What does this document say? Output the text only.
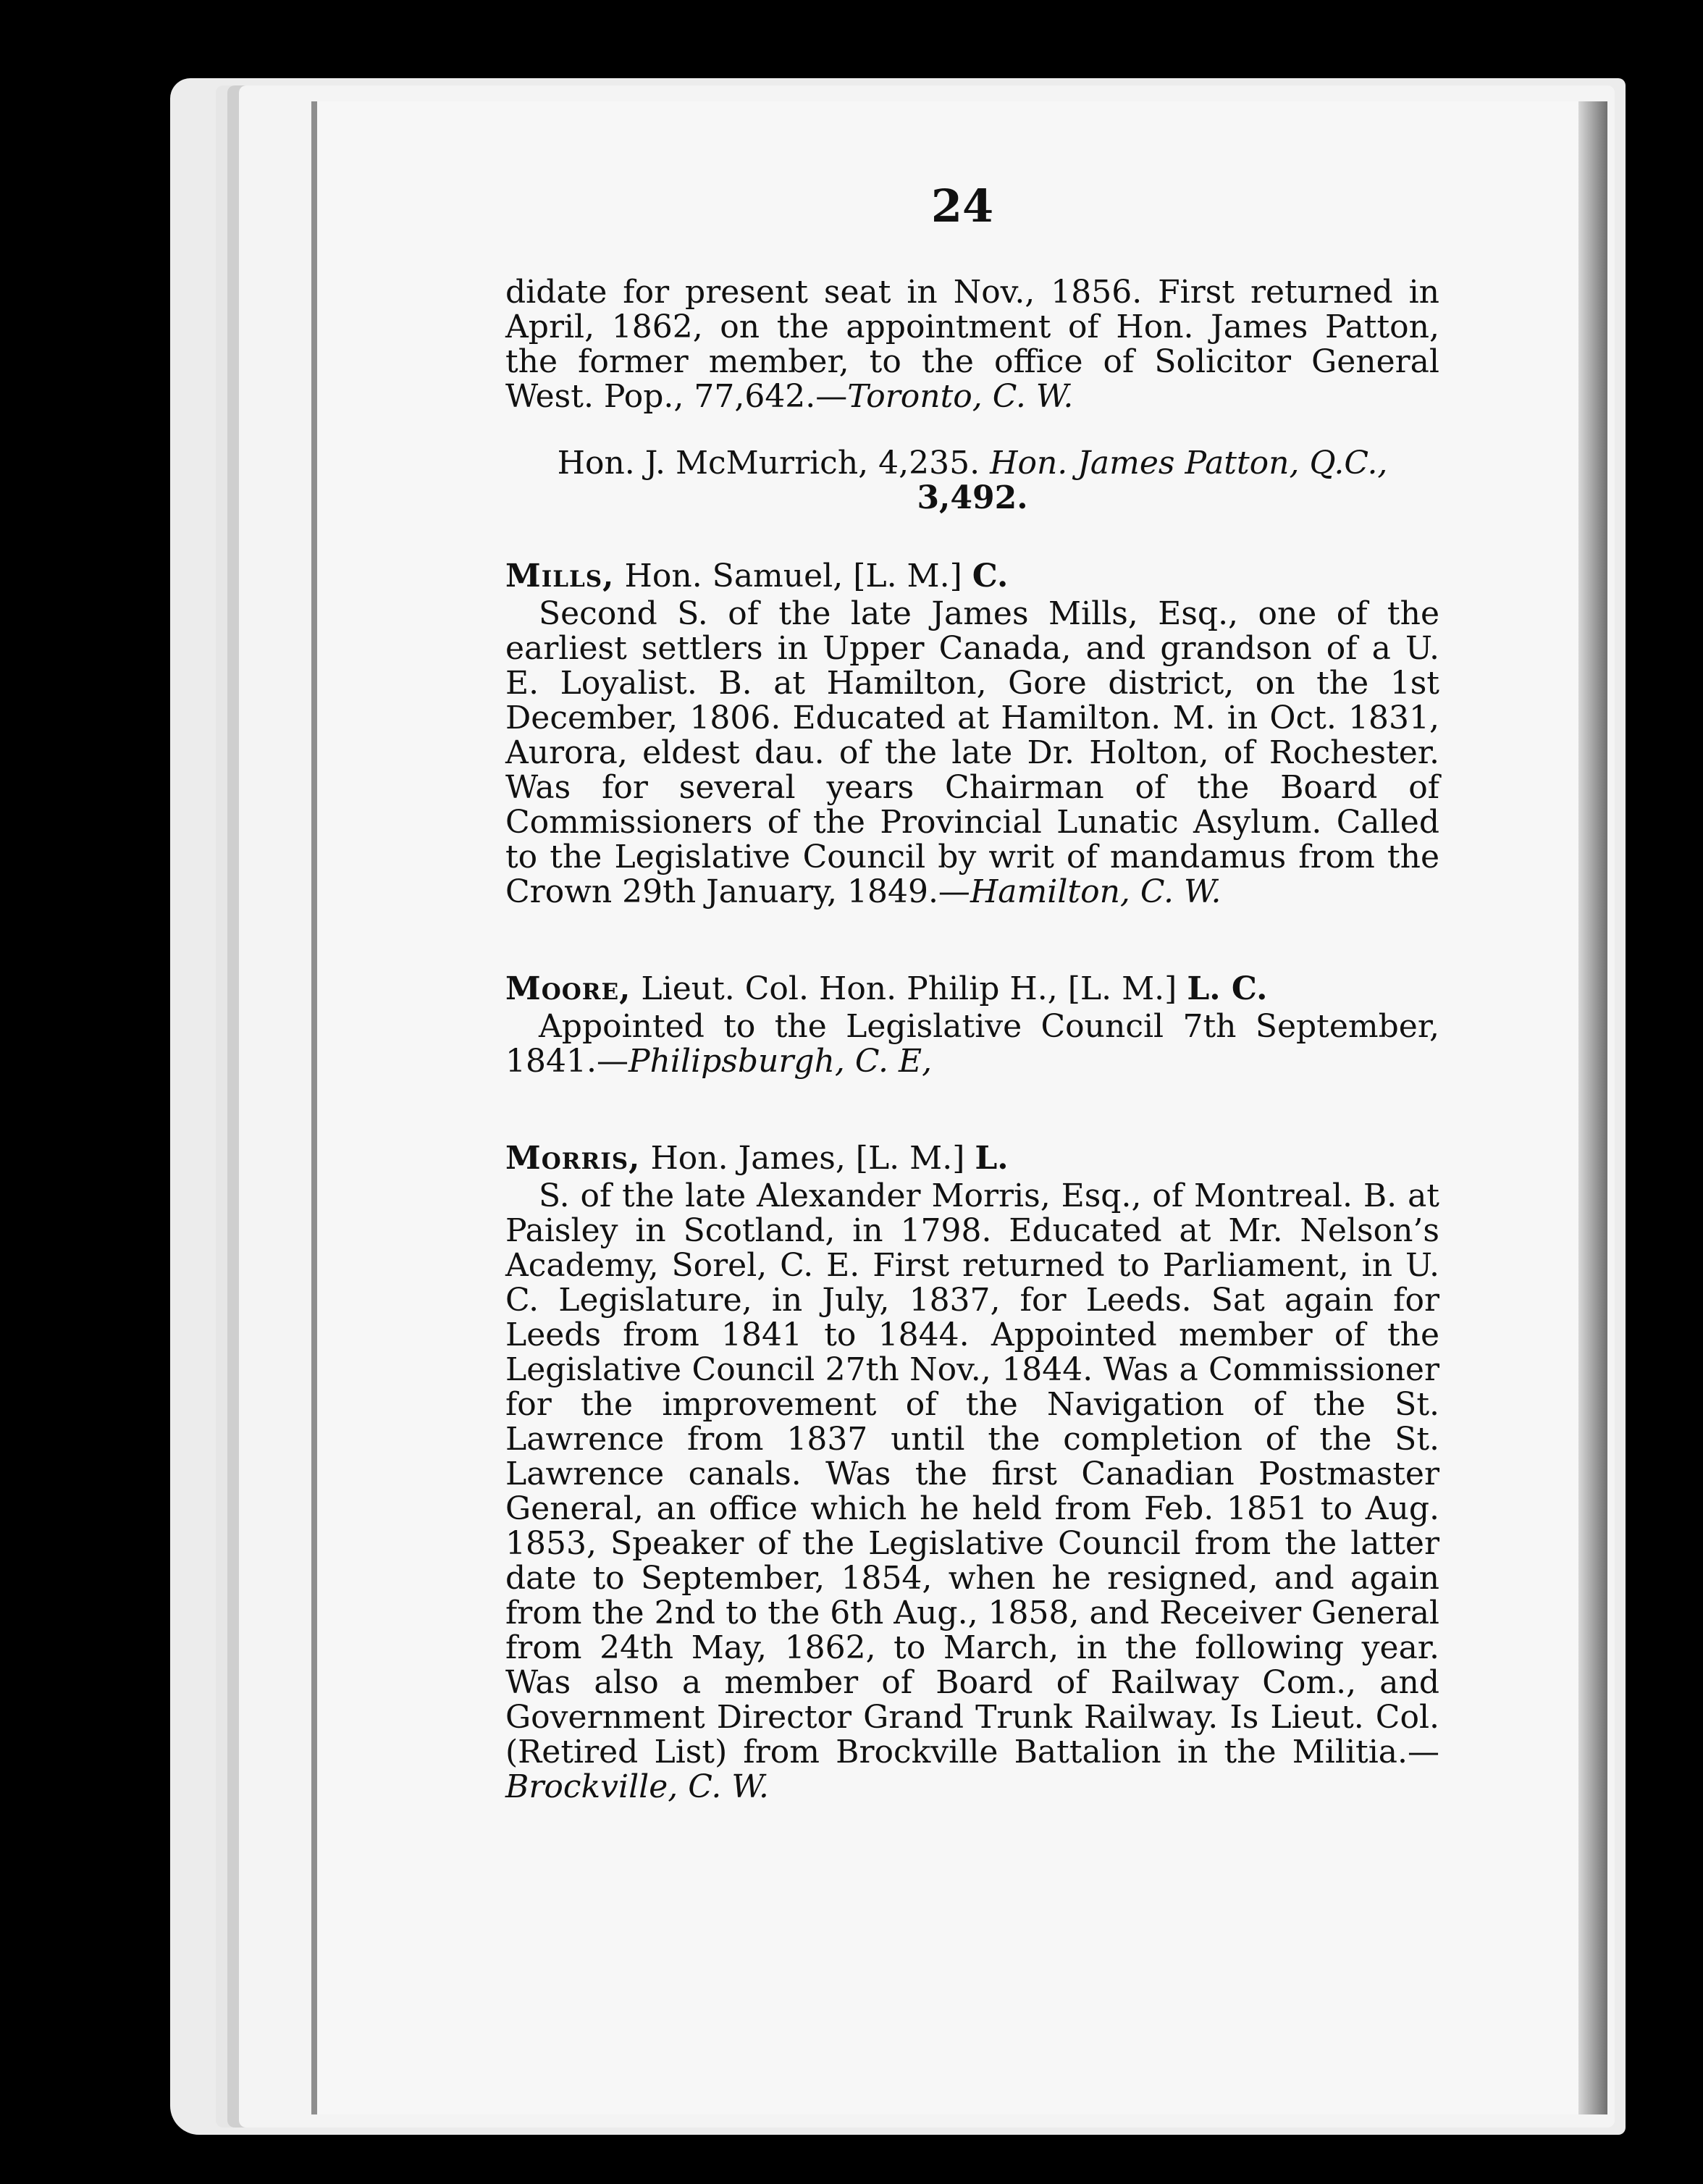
24

didate for present seat in Nov., 1856. First returned in April, 1862, on the appointment of Hon. James Patton, the former member, to the office of Solicitor General West. Pop., 77,642.—Toronto, C. W.

Hon. J. McMurrich, 4,235. Hon. James Patton, Q.C.,
3,492.

Mills, Hon. Samuel, [L. M.] C.

Second S. of the late James Mills, Esq., one of the earliest settlers in Upper Canada, and grandson of a U. E. Loyalist. B. at Hamilton, Gore district, on the 1st December, 1806. Educated at Hamilton. M. in Oct. 1831, Aurora, eldest dau. of the late Dr. Holton, of Rochester. Was for several years Chairman of the Board of Commissioners of the Provincial Lunatic Asylum. Called to the Legislative Council by writ of mandamus from the Crown 29th January, 1849.—Hamilton, C. W.

Moore, Lieut. Col. Hon. Philip H., [L. M.] L. C.

Appointed to the Legislative Council 7th September, 1841.—Philipsburgh, C. E,

Morris, Hon. James, [L. M.] L.

S. of the late Alexander Morris, Esq., of Montreal. B. at Paisley in Scotland, in 1798. Educated at Mr. Nelson’s Academy, Sorel, C. E. First returned to Parliament, in U. C. Legislature, in July, 1837, for Leeds. Sat again for Leeds from 1841 to 1844. Appointed member of the Legislative Council 27th Nov., 1844. Was a Commissioner for the improvement of the Navigation of the St. Lawrence from 1837 until the completion of the St. Lawrence canals. Was the first Canadian Postmaster General, an office which he held from Feb. 1851 to Aug. 1853, Speaker of the Legislative Council from the latter date to September, 1854, when he resigned, and again from the 2nd to the 6th Aug., 1858, and Receiver General from 24th May, 1862, to March, in the following year. Was also a member of Board of Railway Com., and Government Director Grand Trunk Railway. Is Lieut. Col. (Retired List) from Brockville Battalion in the Militia.—Brockville, C. W.
